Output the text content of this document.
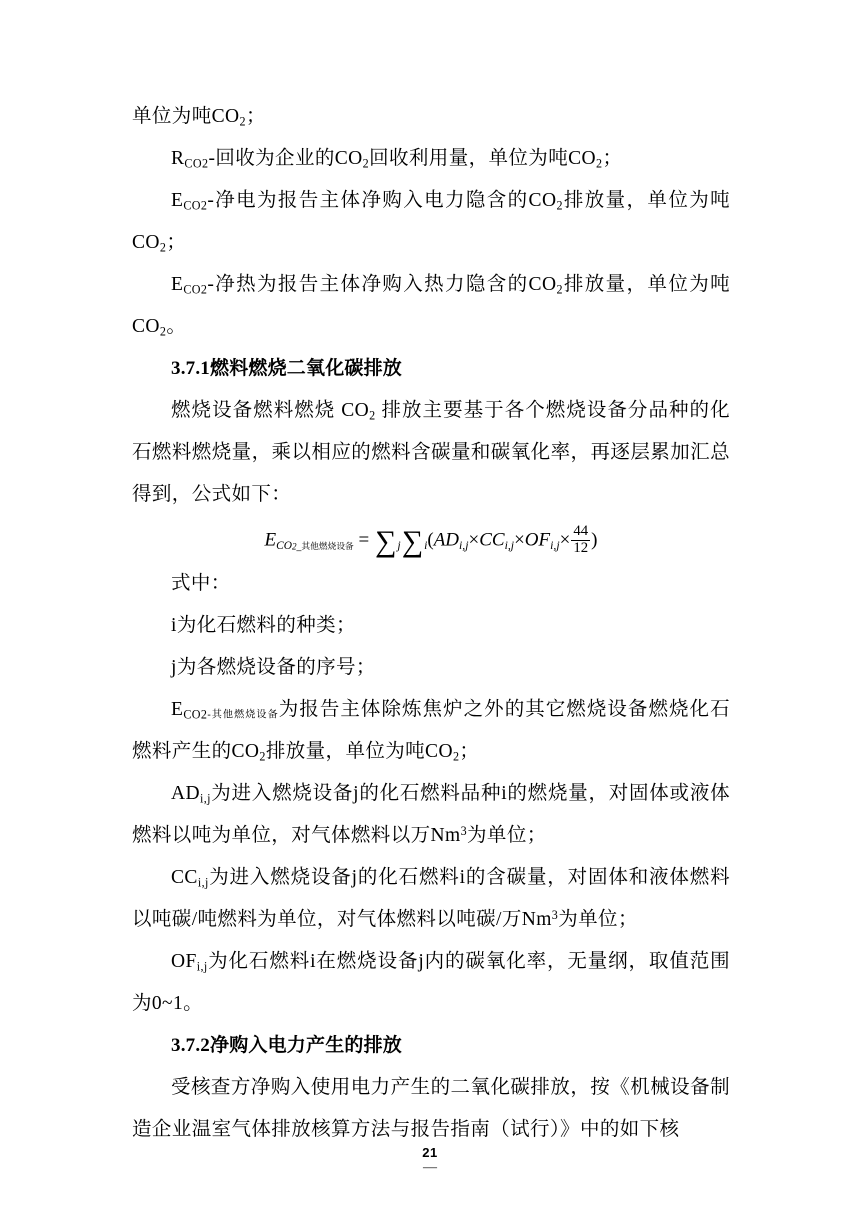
单位为吨$CO_2$；

$R_{CO2}-$回收为企业的$CO_2$回收利用量，单位为吨$CO_2$；

$E_{CO2}-$净电为报告主体净购入电力隐含的$CO_2$排放量，单位为吨$CO_2$；

$E_{CO2}-$净热为报告主体净购入热力隐含的$CO_2$排放量，单位为吨$CO_2$。

3.7.1燃料燃烧二氧化碳排放

燃烧设备燃料燃烧 $CO_2$ 排放主要基于各个燃烧设备分品种的化石燃料燃烧量，乘以相应的燃料含碳量和碳氧化率，再逐层累加汇总得到，公式如下：

$ECO_2\_$其他燃烧设备 = $\sum j\sum i(ADi,j\times CCi,j\times OFi,j\times \frac{44}{12}$ )

式中：

i为化石燃料的种类；

j为各燃烧设备的序号；

$E_{CO2}-$其他燃烧设备为报告主体除炼焦炉之外的其它燃烧设备燃烧化石燃料产生的$CO_2$排放量，单位为吨$CO_2$；

$AD_{i,j}$为进入燃烧设备j的化石燃料品种i的燃烧量，对固体或液体燃料以吨为单位，对气体燃料以万Nm$^3$为单位；

$CC_{i,j}$为进入燃烧设备j的化石燃料i的含碳量，对固体和液体燃料以吨碳/吨燃料为单位，对气体燃料以吨碳/万Nm$^3$为单位；

$OF_{i,j}$为化石燃料i在燃烧设备j内的碳氧化率，无量纲，取值范围为0~1。

3.7.2净购入电力产生的排放

受核查方净购入使用电力产生的二氧化碳排放，按《机械设备制造企业温室气体排放核算方法与报告指南（试行）》中的如下核

21
—
